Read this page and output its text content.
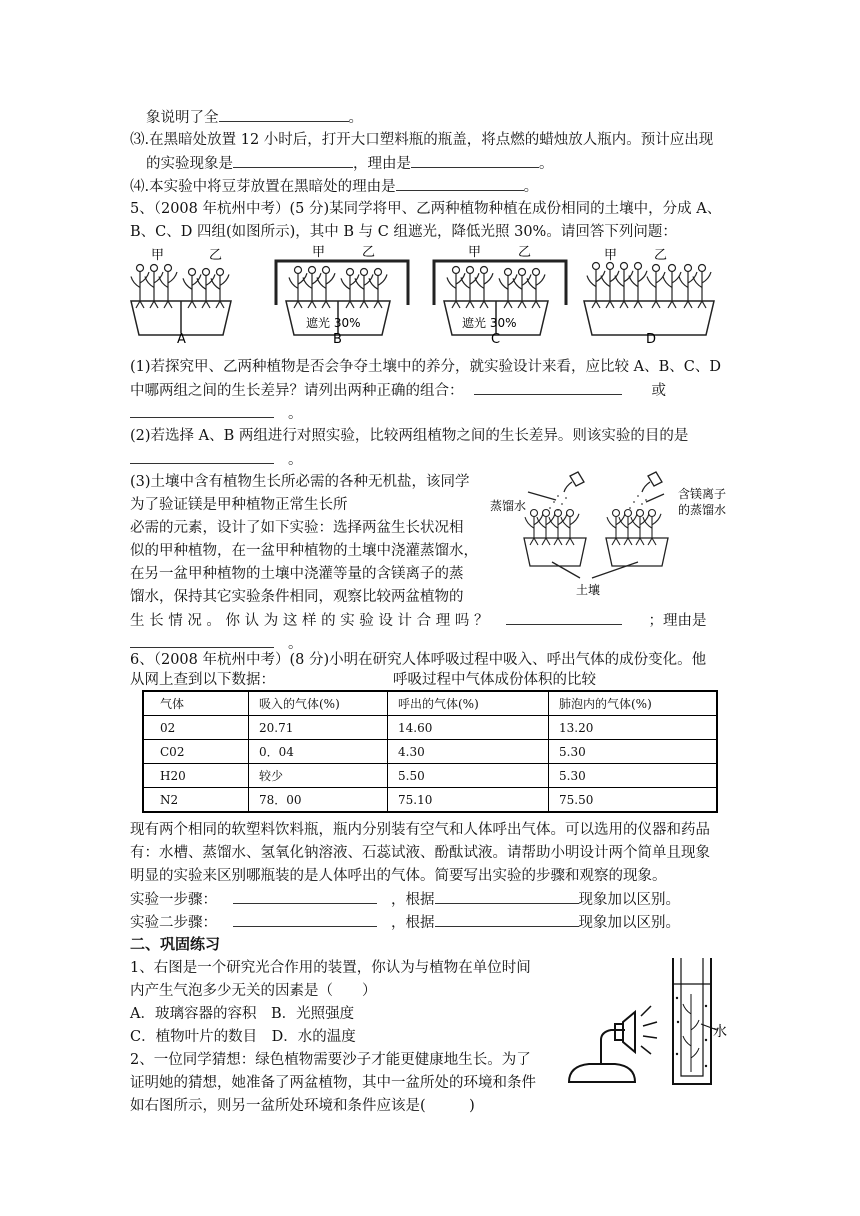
象说明了全	。
⑶.在黑暗处放置 12 小时后，打开大口塑料瓶的瓶盖，将点燃的蜡烛放人瓶内。预计应出现
的实验现象是	，理由是	。
⑷.本实验中将豆芽放置在黑暗处的理由是	。
5、（2008 年杭州中考）(5 分)某同学将甲、乙两种植物种植在成份相同的土壤中，分成 A、
B、C、D 四组(如图所示)，其中 B 与 C 组遮光，降低光照 30%。请回答下列问题：
甲	乙	甲	乙	甲	乙	甲	乙
遮光 30%	遮光 30%
A	B	C	D
(1)若探究甲、乙两种植物是否会争夺土壤中的养分，就实验设计来看，应比较 A、B、C、D
中哪两组之间的生长差异？请列出两种正确的组合：	或
。
(2)若选择 A、B 两组进行对照实验，比较两组植物之间的生长差异。则该实验的目的是
。
(3)土壤中含有植物生长所必需的各种无机盐，该同学
为了验证镁是甲种植物正常生长所
必需的元素，设计了如下实验：选择两盆生长状况相
似的甲种植物，在一盆甲种植物的土壤中浇灌蒸馏水，
在另一盆甲种植物的土壤中浇灌等量的含镁离子的蒸
馏水，保持其它实验条件相同，观察比较两盆植物的
生 长 情 况 。 你 认 为 这 样 的 实 验 设 计 合 理 吗 ？	；理由是
。
蒸馏水
含镁离子
的蒸馏水
土壤
6、（2008 年杭州中考）(8 分)小明在研究人体呼吸过程中吸入、呼出气体的成份变化。他
从网上查到以下数据：	呼吸过程中气体成份体积的比较
气体	吸入的气体(%)	呼出的气体(%)	肺泡内的气体(%)
02	20.71	14.60	13.20
C02	0．04	4.30	5.30
H20	较少	5.50	5.30
N2	78．00	75.10	75.50
现有两个相同的软塑料饮料瓶，瓶内分别装有空气和人体呼出气体。可以选用的仪器和药品
有：水槽、蒸馏水、氢氧化钠溶液、石蕊试液、酚酞试液。请帮助小明设计两个简单且现象
明显的实验来区别哪瓶装的是人体呼出的气体。简要写出实验的步骤和观察的现象。
实验一步骤：	，根据	现象加以区别。
实验二步骤：	，根据	现象加以区别。
二、巩固练习
1、右图是一个研究光合作用的装置，你认为与植物在单位时间
内产生气泡多少无关的因素是（　　）
A．玻璃容器的容积　B．光照强度
C．植物叶片的数目　D．水的温度
2、一位同学猜想：绿色植物需要沙子才能更健康地生长。为了
证明她的猜想，她准备了两盆植物，其中一盆所处的环境和条件
如右图所示，则另一盆所处环境和条件应该是(　　　)
水
